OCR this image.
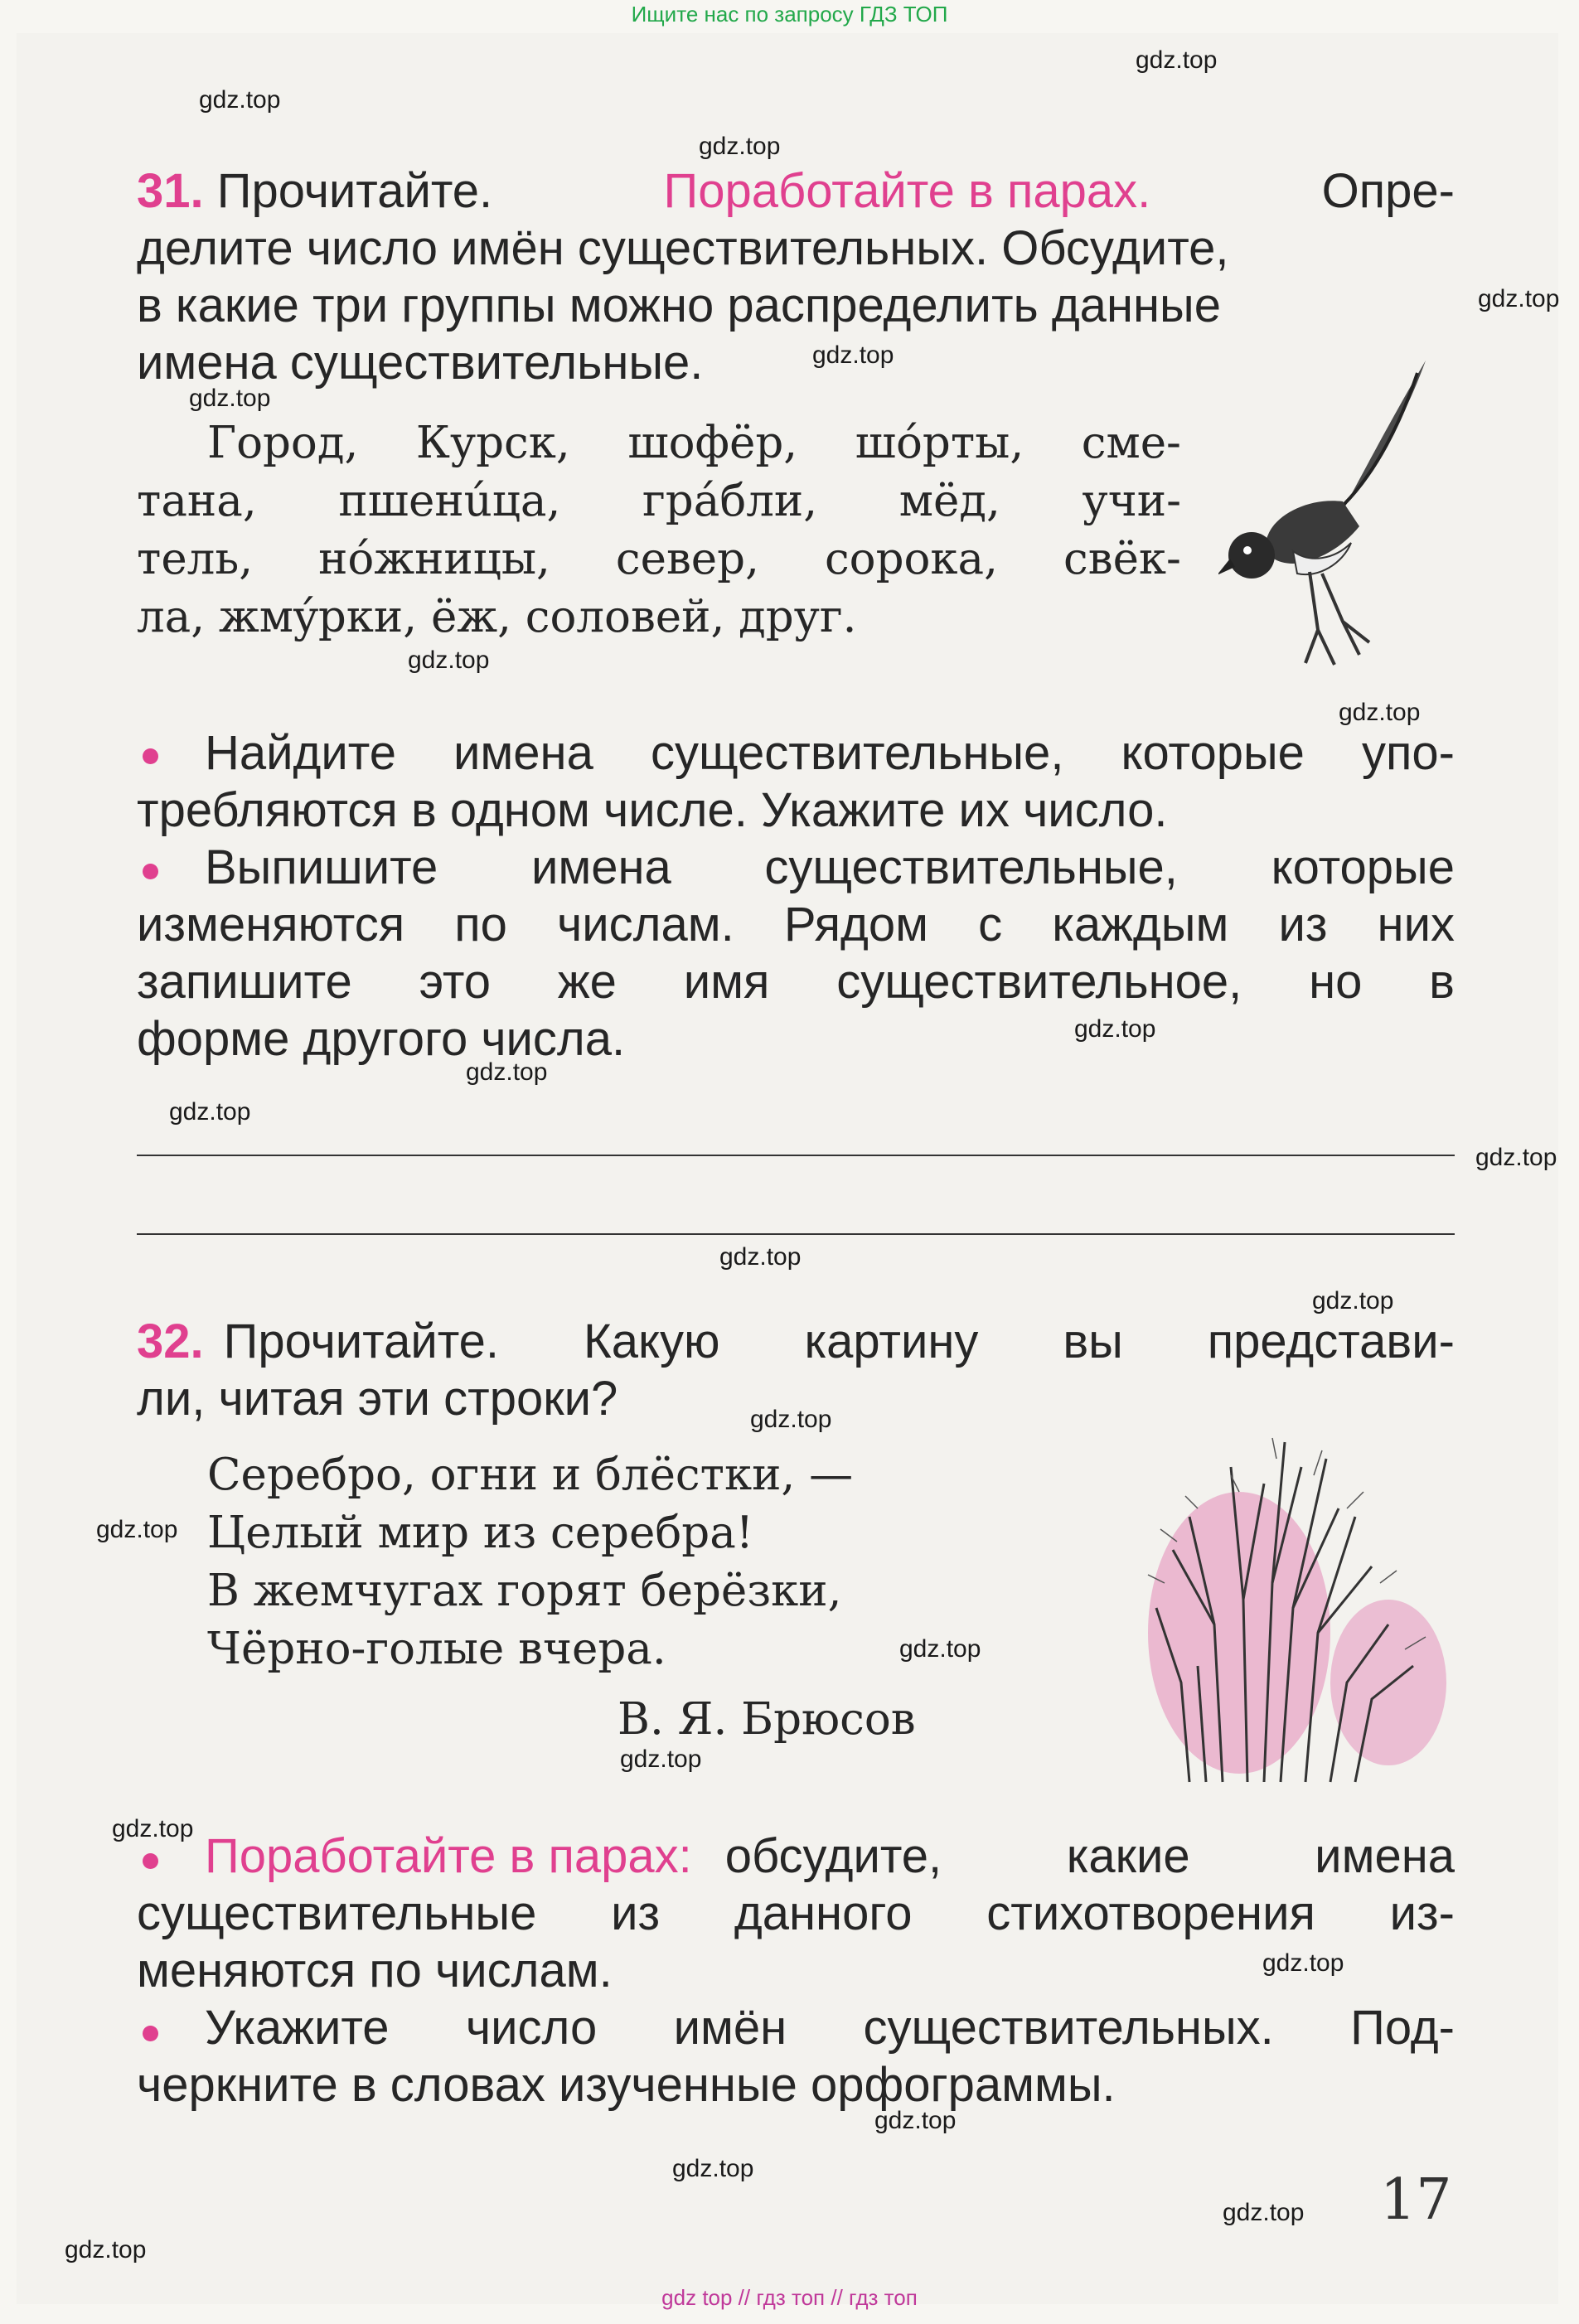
Ищите нас по запросу ГДЗ ТОП
gdz.top
gdz.top
gdz.top
gdz.top
gdz.top
gdz.top
gdz.top
gdz.top
gdz.top
gdz.top
gdz.top
gdz.top
gdz.top
gdz.top
gdz.top
gdz.top
gdz.top
gdz.top
gdz.top
gdz.top
gdz.top
gdz.top
gdz.top
gdz.top
31. Прочитайте.	Поработайте в парах.	Опре-
делите число имён существительных. Обсудите,
в какие три группы можно распределить данные
имена существительные.
Город, Курск, шофёр, шóрты, сме-
тана, пшенúца, грáбли, мёд, учи-
тель, нóжницы, север, сорока, свёк-
ла, жмýрки, ёж, соловей, друг.
Найдите имена существительные, которые упо-
требляются в одном числе. Укажите их число.
Выпишите имена существительные, которые
изменяются по числам. Рядом с каждым из них
запишите это же имя существительное, но в
форме другого числа.
32. Прочитайте. Какую картину вы представи-
ли, читая эти строки?
Серебро, огни и блёстки, —
Целый мир из серебра!
В жемчугах горят берёзки,
Чёрно-голые вчера.
В. Я. Брюсов
Поработайте в парах: обсудите,	какие	имена
существительные из данного стихотворения из-
меняются по числам.
Укажите число имён существительных. Под-
черкните в словах изученные орфограммы.
17
gdz top // гдз топ // гдз топ
